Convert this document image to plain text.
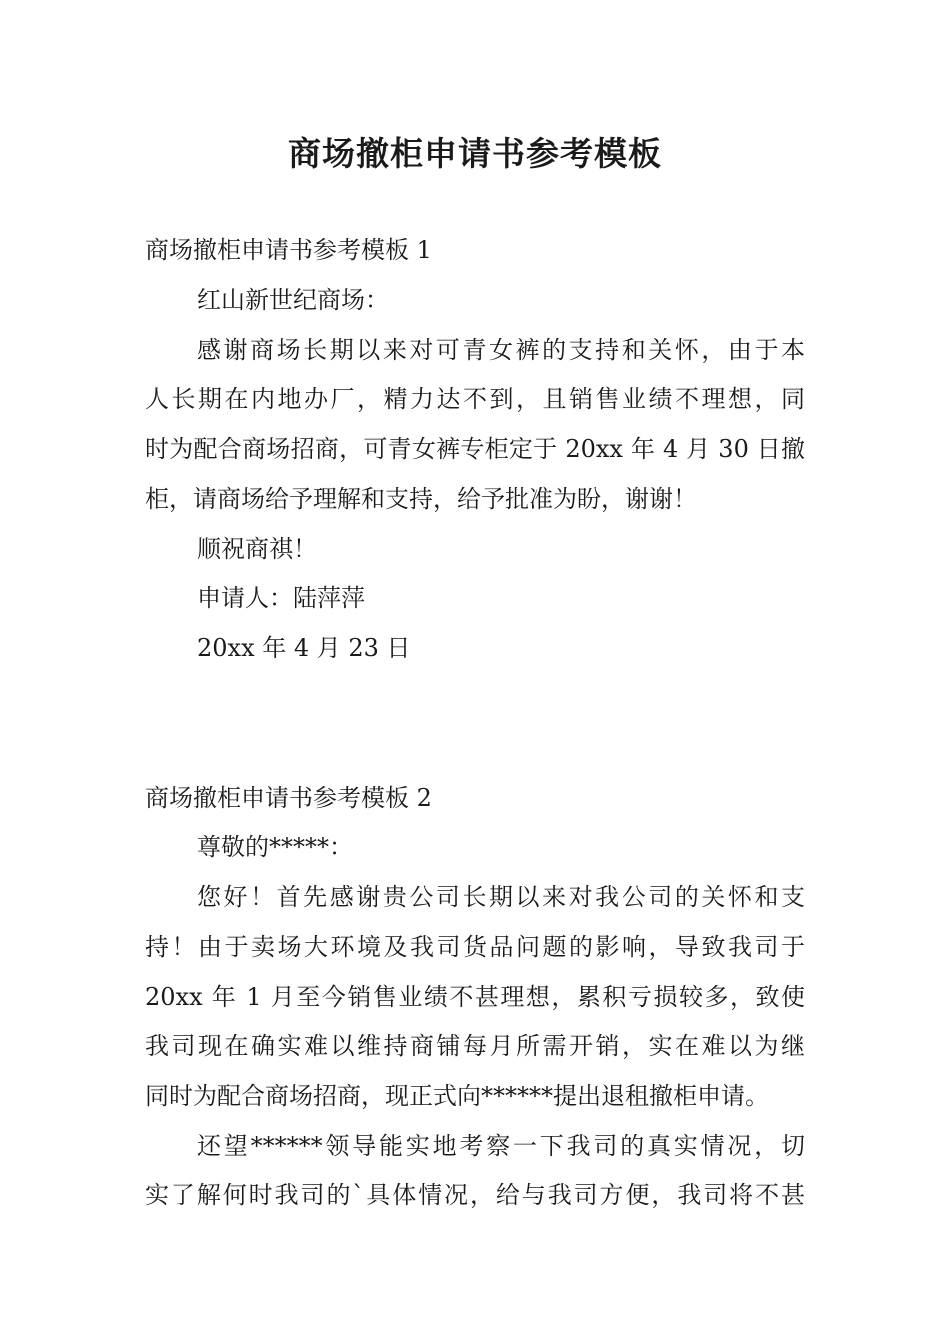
商场撤柜申请书参考模板
商场撤柜申请书参考模板 1
红山新世纪商场：
感谢商场长期以来对可青女裤的支持和关怀，由于本
人长期在内地办厂，精力达不到，且销售业绩不理想，同
时为配合商场招商，可青女裤专柜定于 20xx 年 4 月 30 日撤
柜，请商场给予理解和支持，给予批准为盼，谢谢！
顺祝商祺！
申请人：陆萍萍
20xx 年 4 月 23 日
商场撤柜申请书参考模板 2
尊敬的*****：
您好！首先感谢贵公司长期以来对我公司的关怀和支
持！由于卖场大环境及我司货品问题的影响，导致我司于
20xx 年 1 月至今销售业绩不甚理想，累积亏损较多，致使
我司现在确实难以维持商铺每月所需开销，实在难以为继
同时为配合商场招商，现正式向******提出退租撤柜申请。
还望******领导能实地考察一下我司的真实情况，切
实了解何时我司的`具体情况，给与我司方便，我司将不甚
